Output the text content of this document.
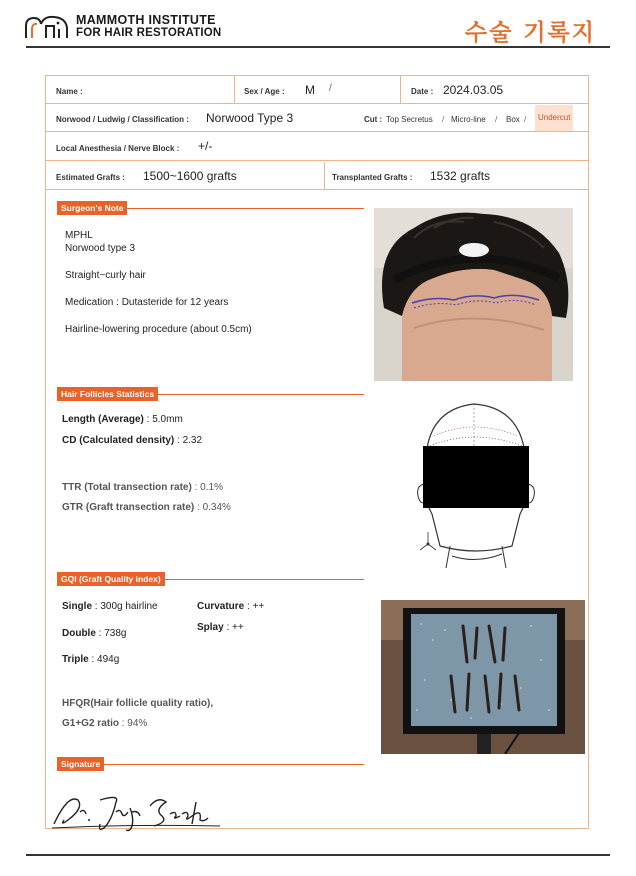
MAMMOTH INSTITUTE
FOR HAIR RESTORATION	수술 기록지
Name :	Sex / Age : M /	Date : 2024.03.05
Norwood / Ludwig / Classification : Norwood Type 3	Cut : Top Secretus / Micro-line / Box /	Undercut
Local Anesthesia / Nerve Block : +/-
Estimated Grafts : 1500~1600 grafts	Transplanted Grafts : 1532 grafts
Surgeon's Note
MPHL
Norwood type 3
Straight~curly hair
Medication : Dutasteride for 12 years
Hairline-lowering procedure (about 0.5cm)
Hair Follicles Statistics
Length (Average) : 5.0mm
CD (Calculated density) : 2.32
TTR (Total transection rate) : 0.1%
GTR (Graft transection rate) : 0.34%
GQI (Graft Quality index)
Single : 300g hairline	Curvature : ++
Splay : ++
Double : 738g
Triple : 494g
HFQR(Hair follicle quality ratio),
G1+G2 ratio : 94%
Signature
